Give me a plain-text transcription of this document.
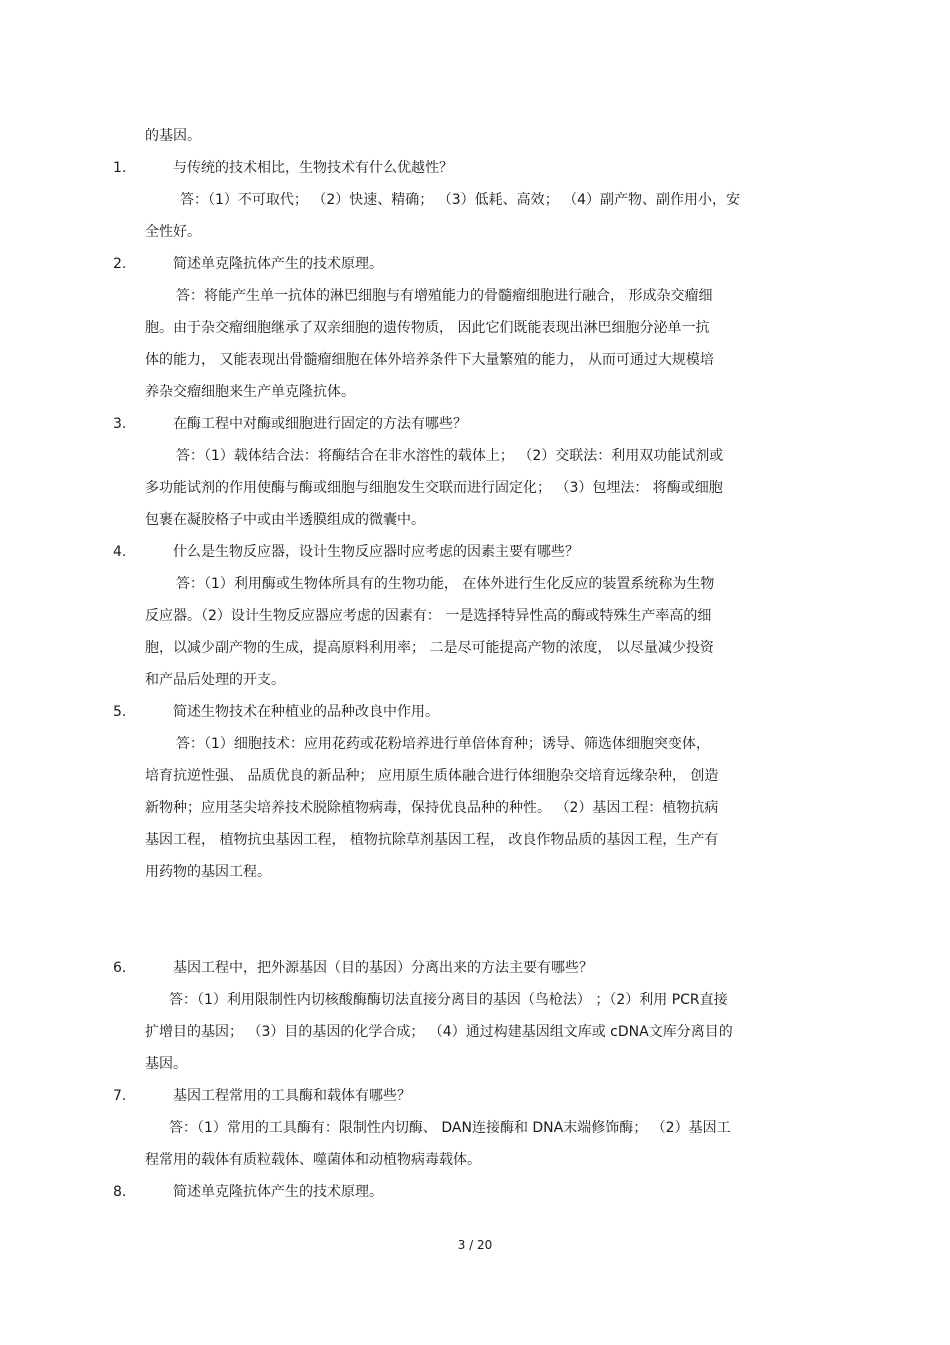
的基因。
1.	与传统的技术相比，生物技术有什么优越性？
答：（1）不可取代； （2）快速、精确； （3）低耗、高效； （4）副产物、副作用小，安
全性好。
2.	简述单克隆抗体产生的技术原理。
答：将能产生单一抗体的淋巴细胞与有增殖能力的骨髓瘤细胞进行融合， 形成杂交瘤细
胞。由于杂交瘤细胞继承了双亲细胞的遗传物质， 因此它们既能表现出淋巴细胞分泌单一抗
体的能力， 又能表现出骨髓瘤细胞在体外培养条件下大量繁殖的能力， 从而可通过大规模培
养杂交瘤细胞来生产单克隆抗体。
3.	在酶工程中对酶或细胞进行固定的方法有哪些？
答：（1）载体结合法：将酶结合在非水溶性的载体上； （2）交联法：利用双功能试剂或
多功能试剂的作用使酶与酶或细胞与细胞发生交联而进行固定化； （3）包埋法： 将酶或细胞
包裹在凝胶格子中或由半透膜组成的微囊中。
4.	什么是生物反应器，设计生物反应器时应考虑的因素主要有哪些？
答：（1）利用酶或生物体所具有的生物功能， 在体外进行生化反应的装置系统称为生物
反应器。（2）设计生物反应器应考虑的因素有： 一是选择特异性高的酶或特殊生产率高的细
胞，以减少副产物的生成，提高原料利用率； 二是尽可能提高产物的浓度， 以尽量减少投资
和产品后处理的开支。
5.	简述生物技术在种植业的品种改良中作用。
答：（1）细胞技术：应用花药或花粉培养进行单倍体育种；诱导、筛选体细胞突变体，
培育抗逆性强、 品质优良的新品种； 应用原生质体融合进行体细胞杂交培育远缘杂种， 创造
新物种；应用茎尖培养技术脱除植物病毒，保持优良品种的种性。 （2）基因工程：植物抗病
基因工程， 植物抗虫基因工程， 植物抗除草剂基因工程， 改良作物品质的基因工程，生产有
用药物的基因工程。
6.	基因工程中，把外源基因（目的基因）分离出来的方法主要有哪些？
答：（1）利用限制性内切核酸酶酶切法直接分离目的基因（鸟枪法） ；（2）利用 PCR直接
扩增目的基因； （3）目的基因的化学合成； （4）通过构建基因组文库或 cDNA文库分离目的
基因。
7.	基因工程常用的工具酶和载体有哪些？
答：（1）常用的工具酶有：限制性内切酶、 DAN连接酶和 DNA末端修饰酶； （2）基因工
程常用的载体有质粒载体、噬菌体和动植物病毒载体。
8.	简述单克隆抗体产生的技术原理。
3 / 20
